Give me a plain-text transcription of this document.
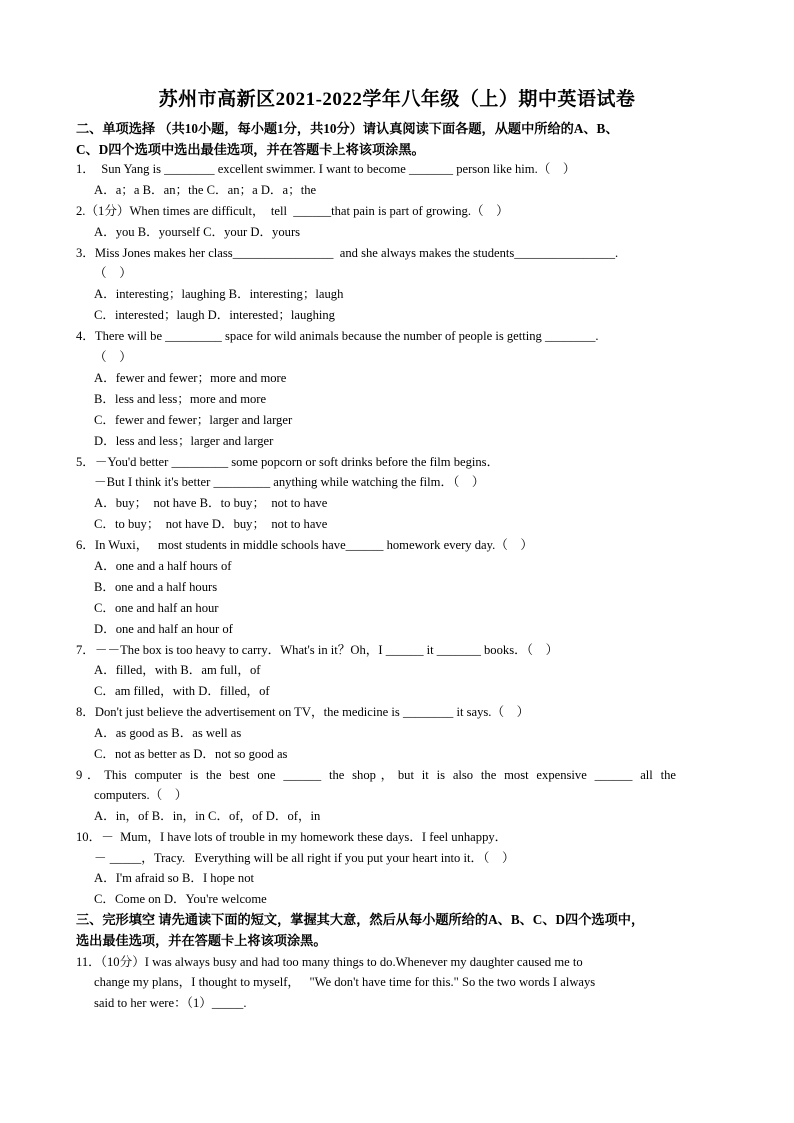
苏州市高新区2021-2022学年八年级（上）期中英语试卷
二、单项选择 （共10小题，每小题1分，共10分）请认真阅读下面各题，从题中所给的A、B、
C、D四个选项中选出最佳选项，并在答题卡上将该项涂黑。
1．  Sun Yang is ________ excellent swimmer. I want to become _______ person like him.（    ）
A．a；a B．an；the C．an；a D．a；the
2.（1分）When times are difficult，  tell  ______that pain is part of growing.（    ）
A．you B．yourself C．your D．yours
3．Miss Jones makes her class________________  and she always makes the students________________.
（    ）
A．interesting；laughing B．interesting；laugh
C．interested；laugh D．interested；laughing
4．There will be _________ space for wild animals because the number of people is getting ________.
（    ）
A．fewer and fewer；more and more
B．less and less；more and more
C．fewer and fewer；larger and larger
D．less and less；larger and larger
5．－You'd better _________ some popcorn or soft drinks before the film begins．
－But I think it's better _________ anything while watching the film．（    ）
A．buy；  not have B．to buy；  not to have
C．to buy；  not have D．buy；  not to have
6．In Wuxi，   most students in middle schools have______ homework every day.（    ）
A．one and a half hours of
B．one and a half hours
C．one and half an hour
D．one and half an hour of
7．－－The box is too heavy to carry．What's in it？Oh，I ______ it _______ books．（    ）
A．filled，with B．am full，of
C．am filled，with D．filled，of
8．Don't just believe the advertisement on TV，the medicine is ________ it says.（    ）
A．as good as B．as well as
C．not as better as D．not so good as
9．This computer is the best one ______ the shop，but it is also the most expensive ______ all the
computers.（    ）
A．in，of B．in，in C．of，of D．of，in
10．－  Mum，I have lots of trouble in my homework these days．I feel unhappy．
－ _____，Tracy.   Everything will be all right if you put your heart into it．（    ）
A．I'm afraid so B．I hope not
C．Come on D．You're welcome
三、完形填空 请先通读下面的短文，掌握其大意，然后从每小题所给的A、B、C、D四个选项中，
选出最佳选项，并在答题卡上将该项涂黑。
11．（10分）I was always busy and had too many things to do.Whenever my daughter caused me to
change my plans，I thought to myself，   "We don't have time for this." So the two words I always
said to her were：（1）_____.
